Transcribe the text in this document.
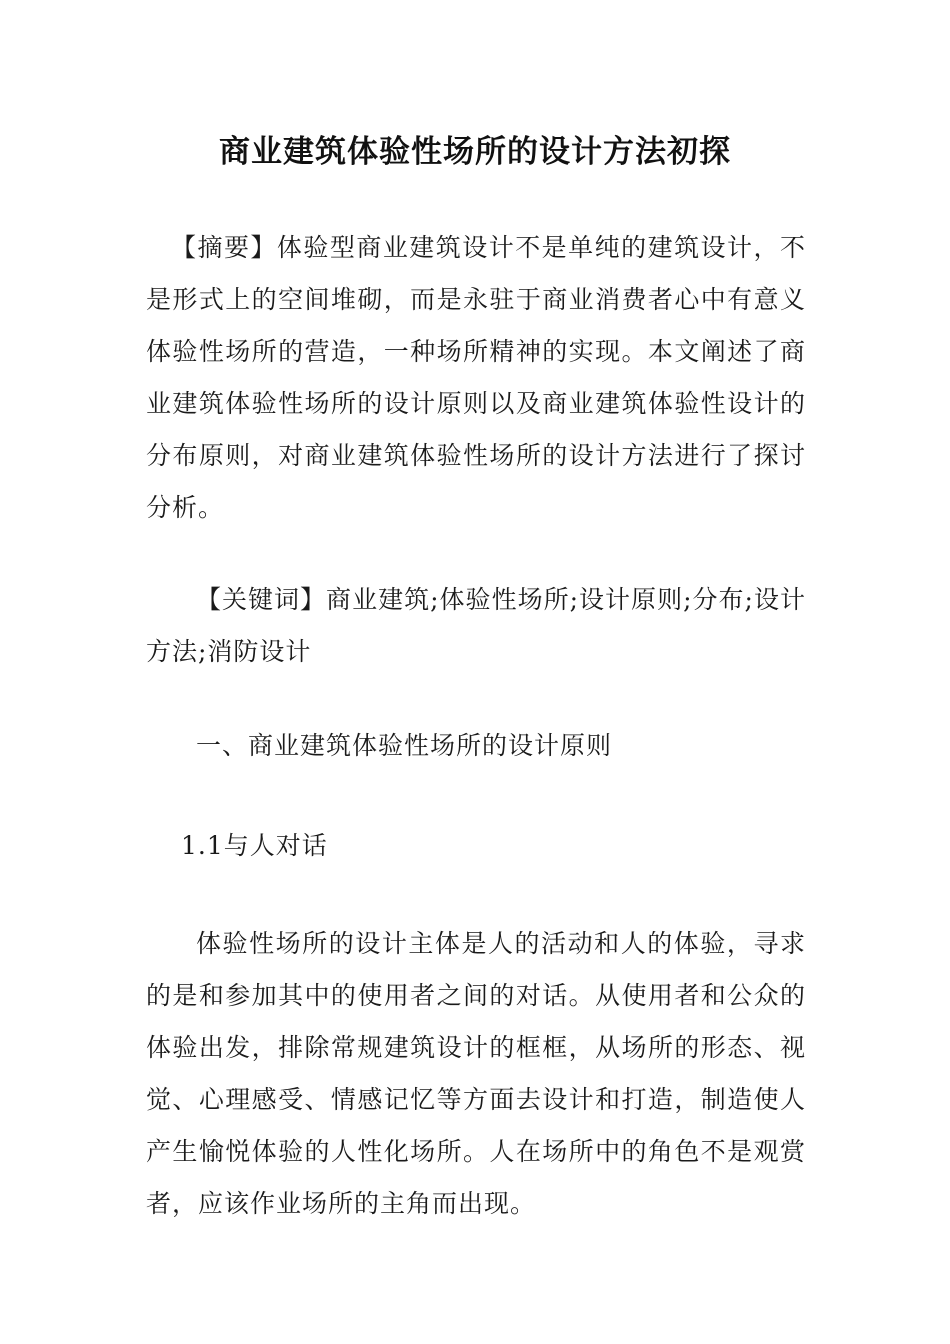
商业建筑体验性场所的设计方法初探
【摘要】体验型商业建筑设计不是单纯的建筑设计，不是形式上的空间堆砌，而是永驻于商业消费者心中有意义体验性场所的营造，一种场所精神的实现。本文阐述了商业建筑体验性场所的设计原则以及商业建筑体验性设计的分布原则，对商业建筑体验性场所的设计方法进行了探讨分析。
【关键词】商业建筑;体验性场所;设计原则;分布;设计方法;消防设计
一、商业建筑体验性场所的设计原则
1.1与人对话
体验性场所的设计主体是人的活动和人的体验，寻求的是和参加其中的使用者之间的对话。从使用者和公众的体验出发，排除常规建筑设计的框框，从场所的形态、视觉、心理感受、情感记忆等方面去设计和打造，制造使人产生愉悦体验的人性化场所。人在场所中的角色不是观赏者，应该作业场所的主角而出现。
